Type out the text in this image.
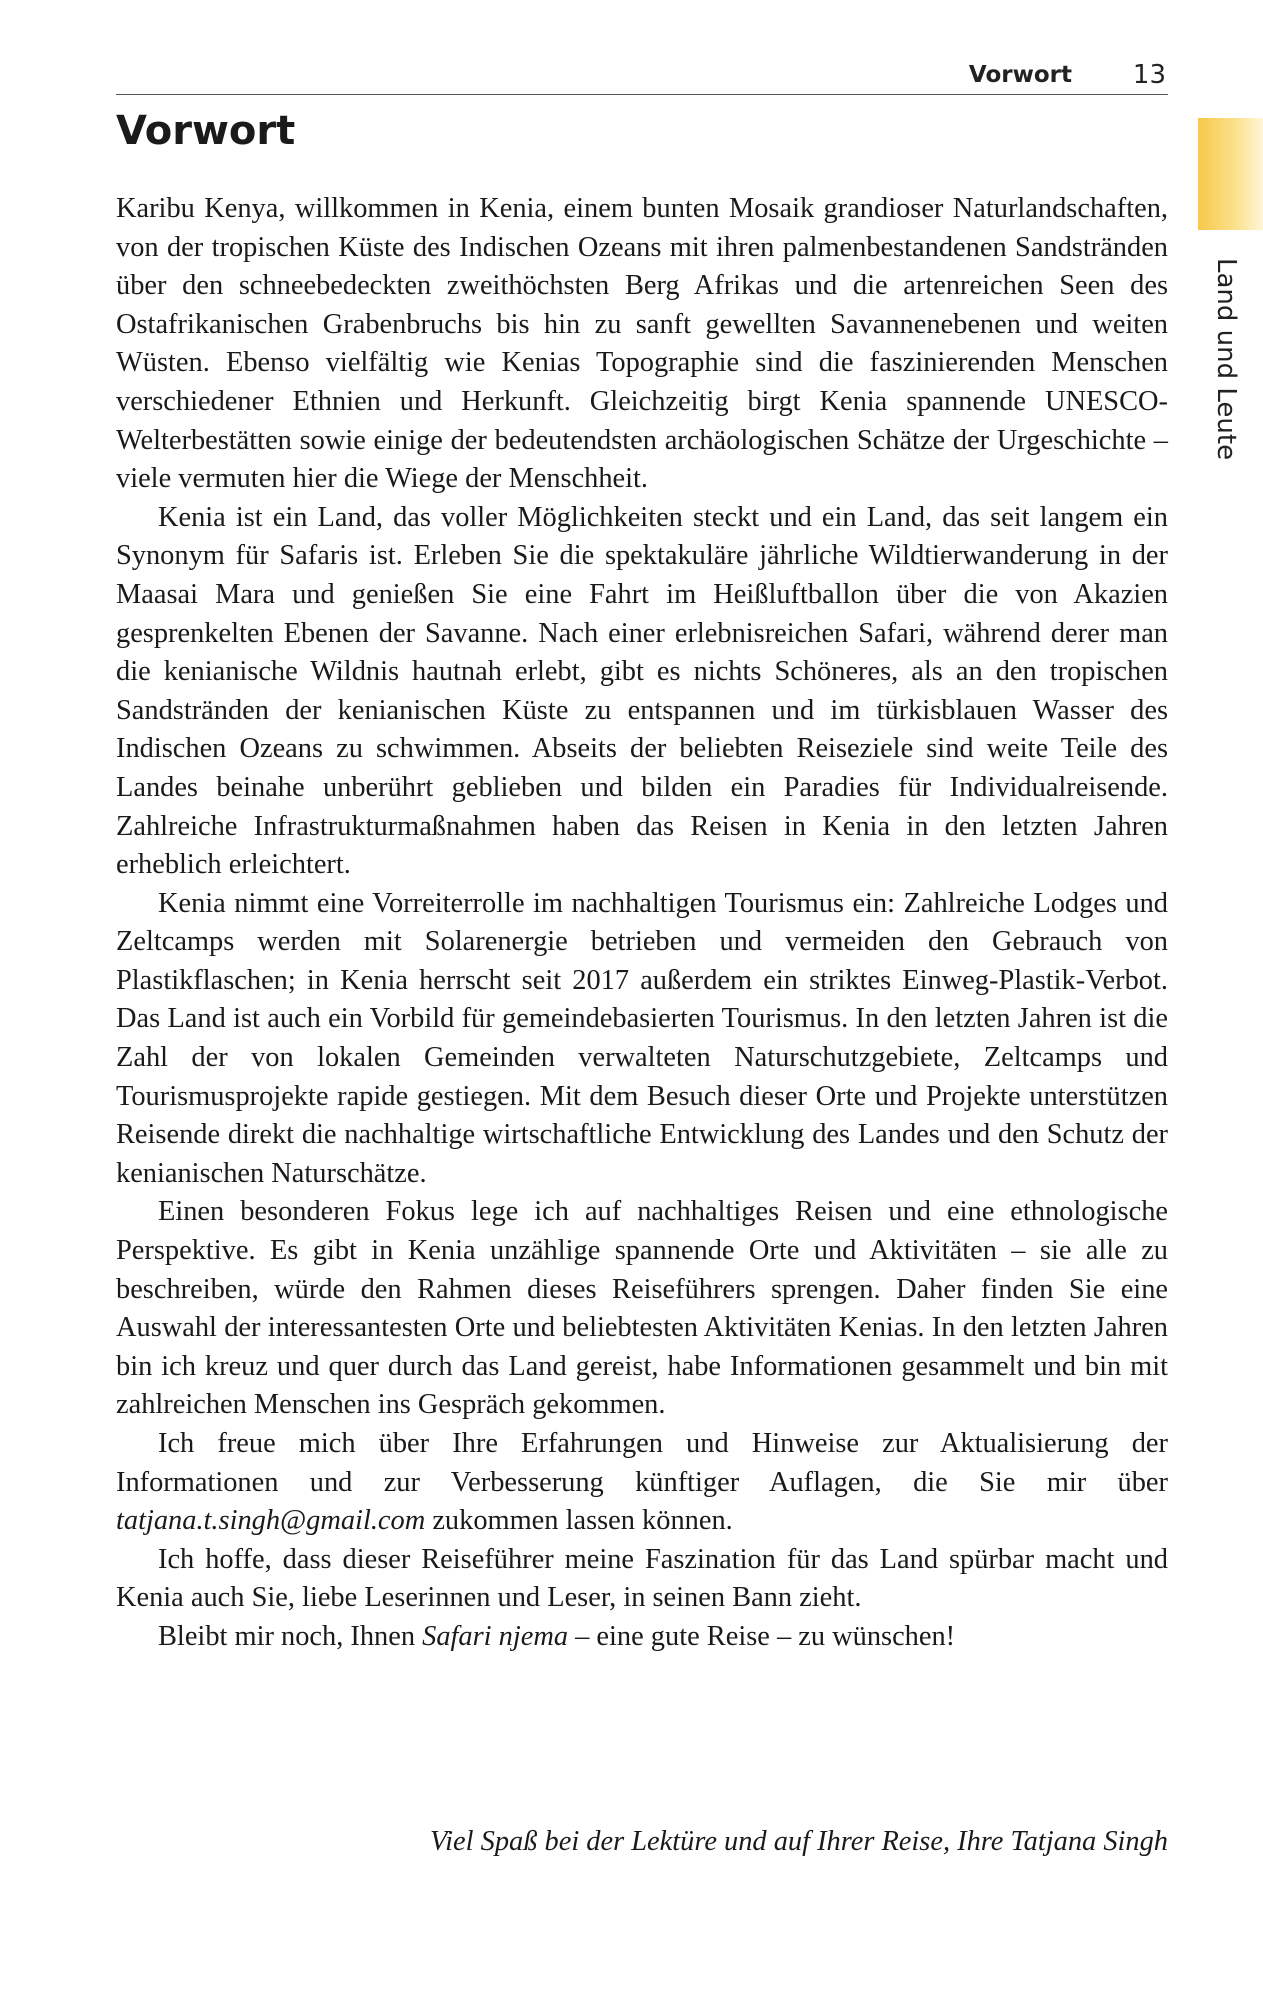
Vorwort 13
Land und Leute
Vorwort

Karibu Kenya, willkommen in Kenia, einem bunten Mosaik grandioser Naturlandschaften, von der tropischen Küste des Indischen Ozeans mit ihren palmenbestandenen Sandstränden über den schneebedeckten zweithöchsten Berg Afrikas und die artenreichen Seen des Ostafrikanischen Grabenbruchs bis hin zu sanft gewellten Savannenebenen und weiten Wüsten. Ebenso vielfältig wie Kenias Topographie sind die faszinierenden Menschen verschiedener Ethnien und Herkunft. Gleichzeitig birgt Kenia spannende UNESCO-Welterbestätten sowie einige der bedeutendsten archäologischen Schätze der Urgeschichte – viele vermuten hier die Wiege der Menschheit.

Kenia ist ein Land, das voller Möglichkeiten steckt und ein Land, das seit langem ein Synonym für Safaris ist. Erleben Sie die spektakuläre jährliche Wildtierwanderung in der Maasai Mara und genießen Sie eine Fahrt im Heißluftballon über die von Akazien gesprenkelten Ebenen der Savanne. Nach einer erlebnisreichen Safari, während derer man die kenianische Wildnis hautnah erlebt, gibt es nichts Schöneres, als an den tropischen Sandstränden der kenianischen Küste zu entspannen und im türkisblauen Wasser des Indischen Ozeans zu schwimmen. Abseits der beliebten Reiseziele sind weite Teile des Landes beinahe unberührt geblieben und bilden ein Paradies für Individualreisende. Zahlreiche Infrastrukturmaßnahmen haben das Reisen in Kenia in den letzten Jahren erheblich erleichtert.

Kenia nimmt eine Vorreiterrolle im nachhaltigen Tourismus ein: Zahlreiche Lodges und Zeltcamps werden mit Solarenergie betrieben und vermeiden den Gebrauch von Plastikflaschen; in Kenia herrscht seit 2017 außerdem ein striktes Einweg-Plastik-Verbot. Das Land ist auch ein Vorbild für gemeindebasierten Tourismus. In den letzten Jahren ist die Zahl der von lokalen Gemeinden verwalteten Naturschutzgebiete, Zeltcamps und Tourismusprojekte rapide gestiegen. Mit dem Besuch dieser Orte und Projekte unterstützen Reisende direkt die nachhaltige wirtschaftliche Entwicklung des Landes und den Schutz der kenianischen Naturschätze.

Einen besonderen Fokus lege ich auf nachhaltiges Reisen und eine ethnologische Perspektive. Es gibt in Kenia unzählige spannende Orte und Aktivitäten – sie alle zu beschreiben, würde den Rahmen dieses Reiseführers sprengen. Daher finden Sie eine Auswahl der interessantesten Orte und beliebtesten Aktivitäten Kenias. In den letzten Jahren bin ich kreuz und quer durch das Land gereist, habe Informationen gesammelt und bin mit zahlreichen Menschen ins Gespräch gekommen.

Ich freue mich über Ihre Erfahrungen und Hinweise zur Aktualisierung der Informationen und zur Verbesserung künftiger Auflagen, die Sie mir über tatjana.t.singh@gmail.com zukommen lassen können.

Ich hoffe, dass dieser Reiseführer meine Faszination für das Land spürbar macht und Kenia auch Sie, liebe Leserinnen und Leser, in seinen Bann zieht.

Bleibt mir noch, Ihnen Safari njema – eine gute Reise – zu wünschen!

Viel Spaß bei der Lektüre und auf Ihrer Reise, Ihre Tatjana Singh
